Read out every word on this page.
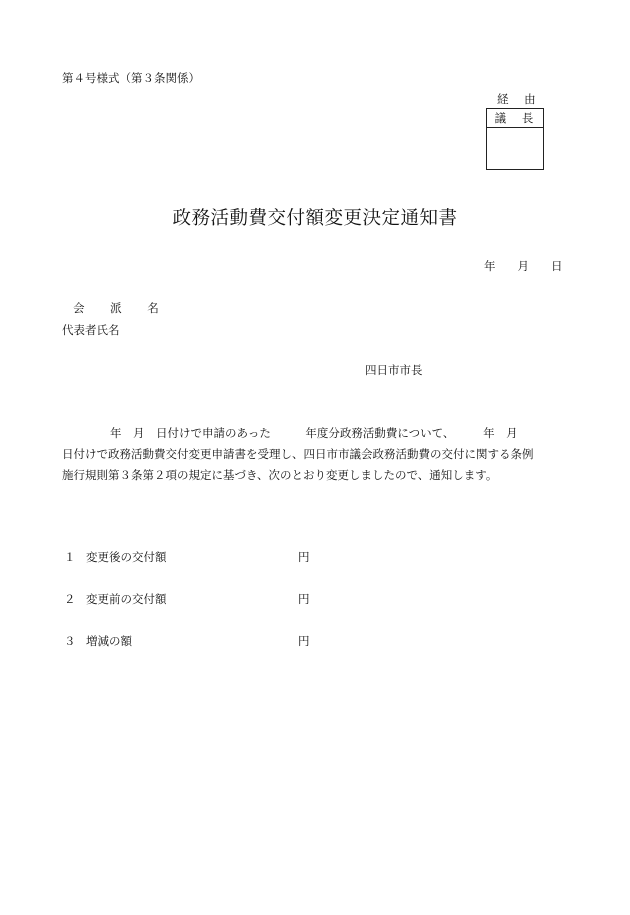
第４号様式（第３条関係）
経 由
議 長
政務活動費交付額変更決定通知書
年 月 日
会 派 名
代表者氏名
四日市市長
年　月　日付けで申請のあった　　　年度分政務活動費について、　　　年　月
日付けで政務活動費交付変更申請書を受理し、四日市市議会政務活動費の交付に関する条例
施行規則第３条第２項の規定に基づき、次のとおり変更しましたので、通知します。
１ 変更後の交付額	円
２ 変更前の交付額	円
３ 増減の額	円
